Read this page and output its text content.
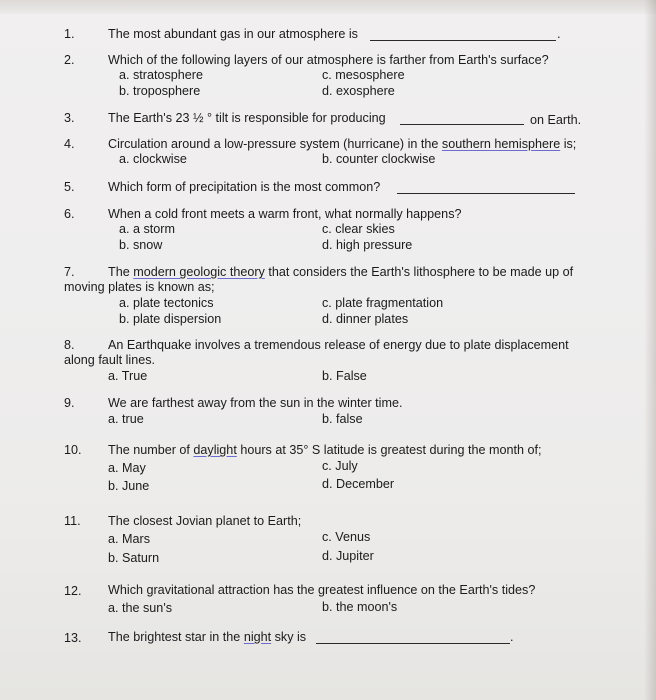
1.	The most abundant gas in our atmosphere is	.
2.	Which of the following layers of our atmosphere is farther from Earth's surface?
a. stratosphere	c. mesosphere
b. troposphere	d. exosphere
3.	The Earth's 23 ½ ° tilt is responsible for producing	on Earth.
4.	Circulation around a low-pressure system (hurricane) in the southern hemisphere is;
a. clockwise	b. counter clockwise
5.	Which form of precipitation is the most common?
6.	When a cold front meets a warm front, what normally happens?
a. a storm	c. clear skies
b. snow	d. high pressure
7.	The modern geologic theory that considers the Earth's lithosphere to be made up of
moving plates is known as;
a. plate tectonics	c. plate fragmentation
b. plate dispersion	d. dinner plates
8.	An Earthquake involves a tremendous release of energy due to plate displacement
along fault lines.
a. True	b. False
9.	We are farthest away from the sun in the winter time.
a. true	b. false
10. The number of daylight hours at 35° S latitude is greatest during the month of;
a. May	c. July
b. June	d. December
11. The closest Jovian planet to Earth;
a. Mars	c. Venus
b. Saturn	d. Jupiter
12. Which gravitational attraction has the greatest influence on the Earth's tides?
a. the sun's	b. the moon's
13. The brightest star in the night sky is	.
